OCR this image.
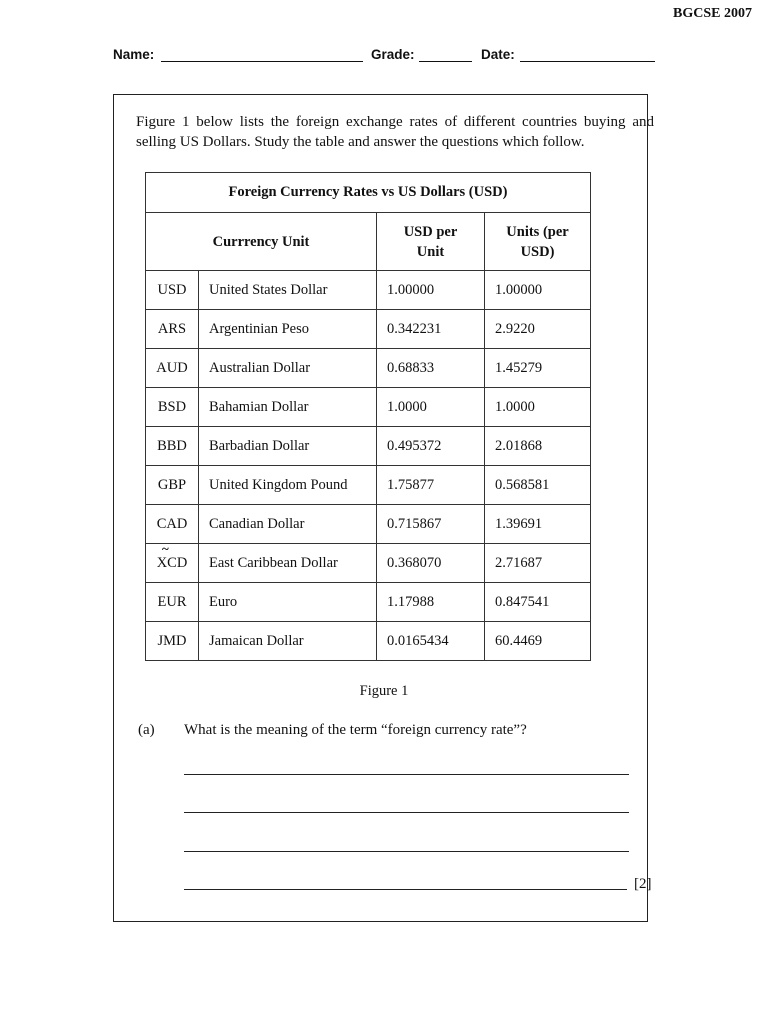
BGCSE 2007
Name:	Grade:	Date:
Figure 1 below lists the foreign exchange rates of different countries buying and selling US Dollars. Study the table and answer the questions which follow.
Foreign Currency Rates vs US Dollars (USD)			
Currrency Unit		USD per Unit	Units (per USD)

USD	United States Dollar	1.00000	1.00000
ARS	Argentinian Peso	0.342231	2.9220
AUD	Australian Dollar	0.68833	1.45279
BSD	Bahamian Dollar	1.0000	1.0000
BBD	Barbadian Dollar	0.495372	2.01868
GBP	United Kingdom Pound	1.75877	0.568581
CAD	Canadian Dollar	0.715867	1.39691
XCD	East Caribbean Dollar	0.368070	2.71687
EUR	Euro	1.17988	0.847541
JMD	Jamaican Dollar	0.0165434	60.4469
~
Figure 1
(a) What is the meaning of the term “foreign currency rate”?
[2]
